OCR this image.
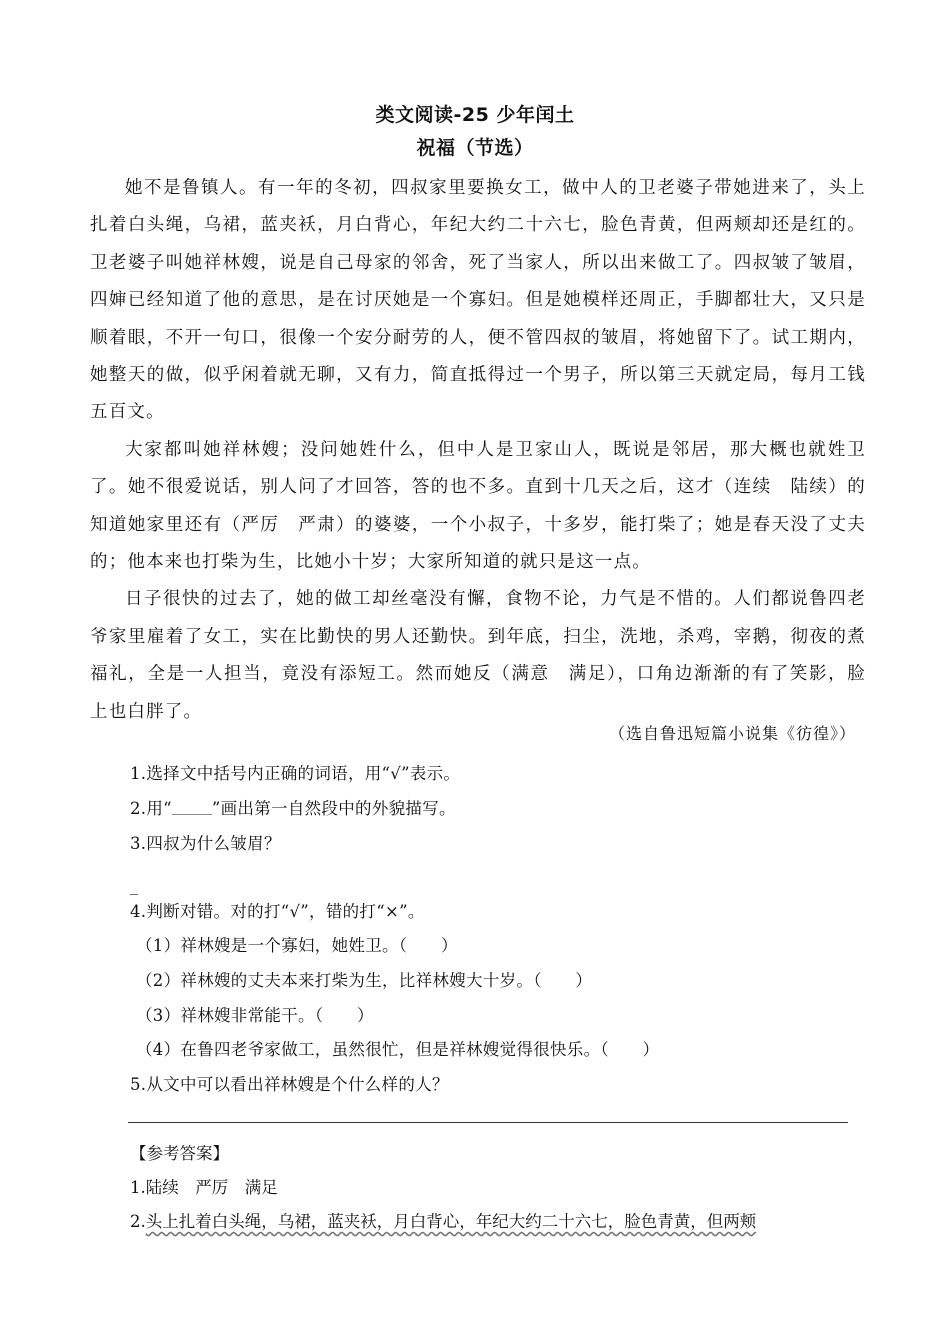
类文阅读-25 少年闰土
祝福（节选）

她不是鲁镇人。有一年的冬初，四叔家里要换女工，做中人的卫老婆子带她进来了，头上扎着白头绳，乌裙，蓝夹袄，月白背心，年纪大约二十六七，脸色青黄，但两颊却还是红的。卫老婆子叫她祥林嫂，说是自己母家的邻舍，死了当家人，所以出来做工了。四叔皱了皱眉，四婶已经知道了他的意思，是在讨厌她是一个寡妇。但是她模样还周正，手脚都壮大，又只是顺着眼，不开一句口，很像一个安分耐劳的人，便不管四叔的皱眉，将她留下了。试工期内，她整天的做，似乎闲着就无聊，又有力，简直抵得过一个男子，所以第三天就定局，每月工钱五百文。

大家都叫她祥林嫂；没问她姓什么，但中人是卫家山人，既说是邻居，那大概也就姓卫了。她不很爱说话，别人问了才回答，答的也不多。直到十几天之后，这才（连续　陆续）的知道她家里还有（严厉　严肃）的婆婆，一个小叔子，十多岁，能打柴了；她是春天没了丈夫的；他本来也打柴为生，比她小十岁；大家所知道的就只是这一点。

日子很快的过去了，她的做工却丝毫没有懈，食物不论，力气是不惜的。人们都说鲁四老爷家里雇着了女工，实在比勤快的男人还勤快。到年底，扫尘，洗地，杀鸡，宰鹅，彻夜的煮福礼，全是一人担当，竟没有添短工。然而她反（满意　满足），口角边渐渐的有了笑影，脸上也白胖了。

（选自鲁迅短篇小说集《彷徨》）
1.选择文中括号内正确的词语，用“√”表示。
2.用“ ”画出第一自然段中的外貌描写。
3.四叔为什么皱眉？
_
4.判断对错。对的打“√”，错的打“×”。
（1）祥林嫂是一个寡妇，她姓卫。（　　）
（2）祥林嫂的丈夫本来打柴为生，比祥林嫂大十岁。（　　）
（3）祥林嫂非常能干。（　　）
（4）在鲁四老爷家做工，虽然很忙，但是祥林嫂觉得很快乐。（　　）
5.从文中可以看出祥林嫂是个什么样的人？
【参考答案】
1.陆续　严厉　满足
2.头上扎着白头绳，乌裙，蓝夹袄，月白背心，年纪大约二十六七，脸色青黄，但两颊
